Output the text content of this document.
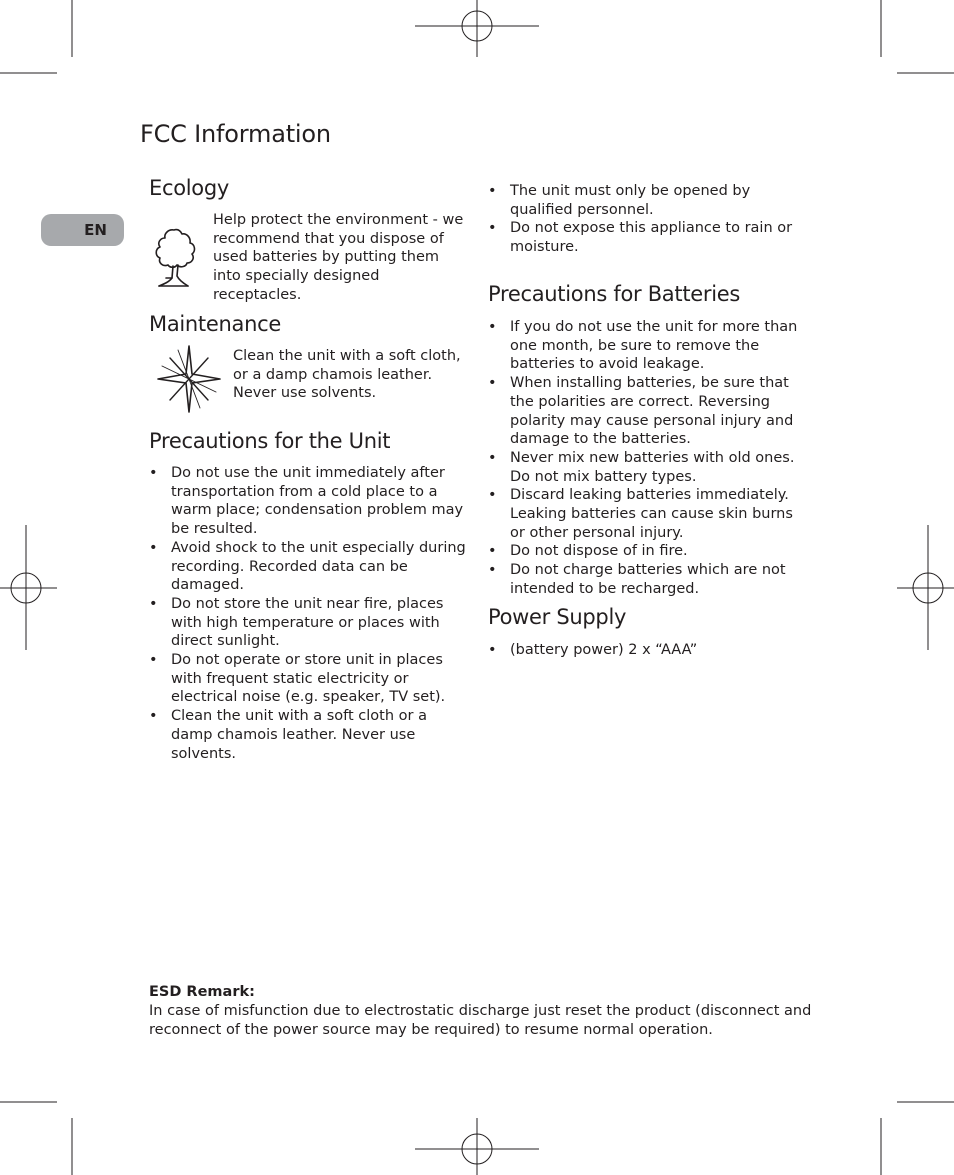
FCC Information
EN
Ecology
Help protect the environment - we recommend that you dispose of used batteries by putting them into specially designed receptacles.
Maintenance
Clean the unit with a soft cloth, or a damp chamois leather. Never use solvents.
Precautions for the Unit
• Do not use the unit immediately after transportation from a cold place to a warm place; condensation problem may be resulted.
• Avoid shock to the unit especially during recording. Recorded data can be damaged.
• Do not store the unit near fire, places with high temperature or places with direct sunlight.
• Do not operate or store unit in places with frequent static electricity or electrical noise (e.g. speaker, TV set).
• Clean the unit with a soft cloth or a damp chamois leather. Never use solvents.
• The unit must only be opened by qualified personnel.
• Do not expose this appliance to rain or moisture.
Precautions for Batteries
• If you do not use the unit for more than one month, be sure to remove the batteries to avoid leakage.
• When installing batteries, be sure that the polarities are correct. Reversing polarity may cause personal injury and damage to the batteries.
• Never mix new batteries with old ones. Do not mix battery types.
• Discard leaking batteries immediately. Leaking batteries can cause skin burns or other personal injury.
• Do not dispose of in fire.
• Do not charge batteries which are not intended to be recharged.
Power Supply
• (battery power) 2 x “AAA”
ESD Remark:
In case of misfunction due to electrostatic discharge just reset the product (disconnect and reconnect of the power source may be required) to resume normal operation.
